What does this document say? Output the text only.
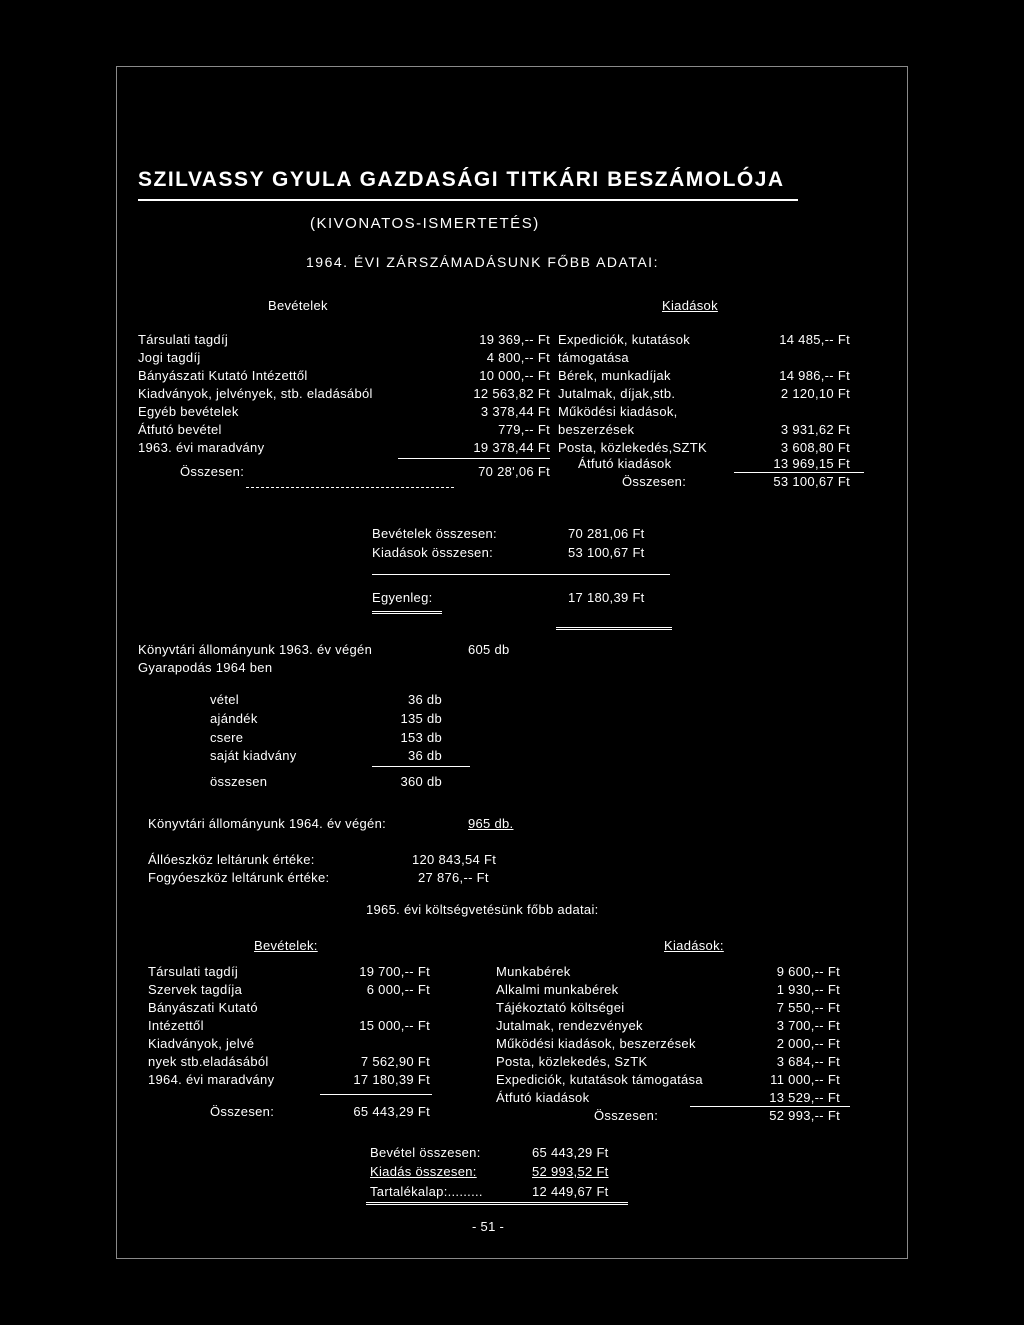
SZILVASSY GYULA GAZDASÁGI TITKÁRI BESZÁMOLÓJA
(KIVONATOS-ISMERTETÉS)
1964. ÉVI ZÁRSZÁMADÁSUNK FŐBB ADATAI:
Bevételek	Kiadások
Társulati tagdíj	19 369,-- Ft
Jogi tagdíj	4 800,-- Ft
Bányászati Kutató Intézettől	10 000,-- Ft
Kiadványok, jelvények, stb. eladásából	12 563,82 Ft
Egyéb bevételek	3 378,44 Ft
Átfutó bevétel	779,-- Ft
1963. évi maradvány	19 378,44 Ft
Összesen:	70 28',06 Ft
Expediciók, kutatások	14 485,-- Ft
támogatása
Bérek, munkadíjak	14 986,-- Ft
Jutalmak, díjak,stb.	2 120,10 Ft
Működési kiadások,
beszerzések	3 931,62 Ft
Posta, közlekedés,SZTK	3 608,80 Ft
Átfutó kiadások	13 969,15 Ft
Összesen:	53 100,67 Ft
Bevételek összesen:	70 281,06 Ft
Kiadások összesen:	53 100,67 Ft
Egyenleg:	17 180,39 Ft
Könyvtári állományunk 1963. év végén	605 db
Gyarapodás 1964 ben
vétel	36 db
ajándék	135 db
csere	153 db
saját kiadvány	36 db
összesen	360 db
Könyvtári állományunk 1964. év végén:	965 db.
Állóeszköz leltárunk értéke:	120 843,54 Ft
Fogyóeszköz leltárunk értéke:	27 876,-- Ft
1965. évi költségvetésünk főbb adatai:
Bevételek:	Kiadások:
Társulati tagdíj	19 700,-- Ft
Szervek tagdíja	6 000,-- Ft
Bányászati Kutató
Intézettől	15 000,-- Ft
Kiadványok, jelvé
nyek stb.eladásából	7 562,90 Ft
1964. évi maradvány	17 180,39 Ft
Összesen:	65 443,29 Ft
Munkabérek	9 600,-- Ft
Alkalmi munkabérek	1 930,-- Ft
Tájékoztató költségei	7 550,-- Ft
Jutalmak, rendezvények	3 700,-- Ft
Működési kiadások, beszerzések	2 000,-- Ft
Posta, közlekedés, SzTK	3 684,-- Ft
Expediciók, kutatások támogatása	11 000,-- Ft
Átfutó kiadások	13 529,-- Ft
Összesen:	52 993,-- Ft
Bevétel összesen:	65 443,29 Ft
Kiadás összesen:	52 993,52 Ft
Tartalékalap:.........	12 449,67 Ft
- 51 -
